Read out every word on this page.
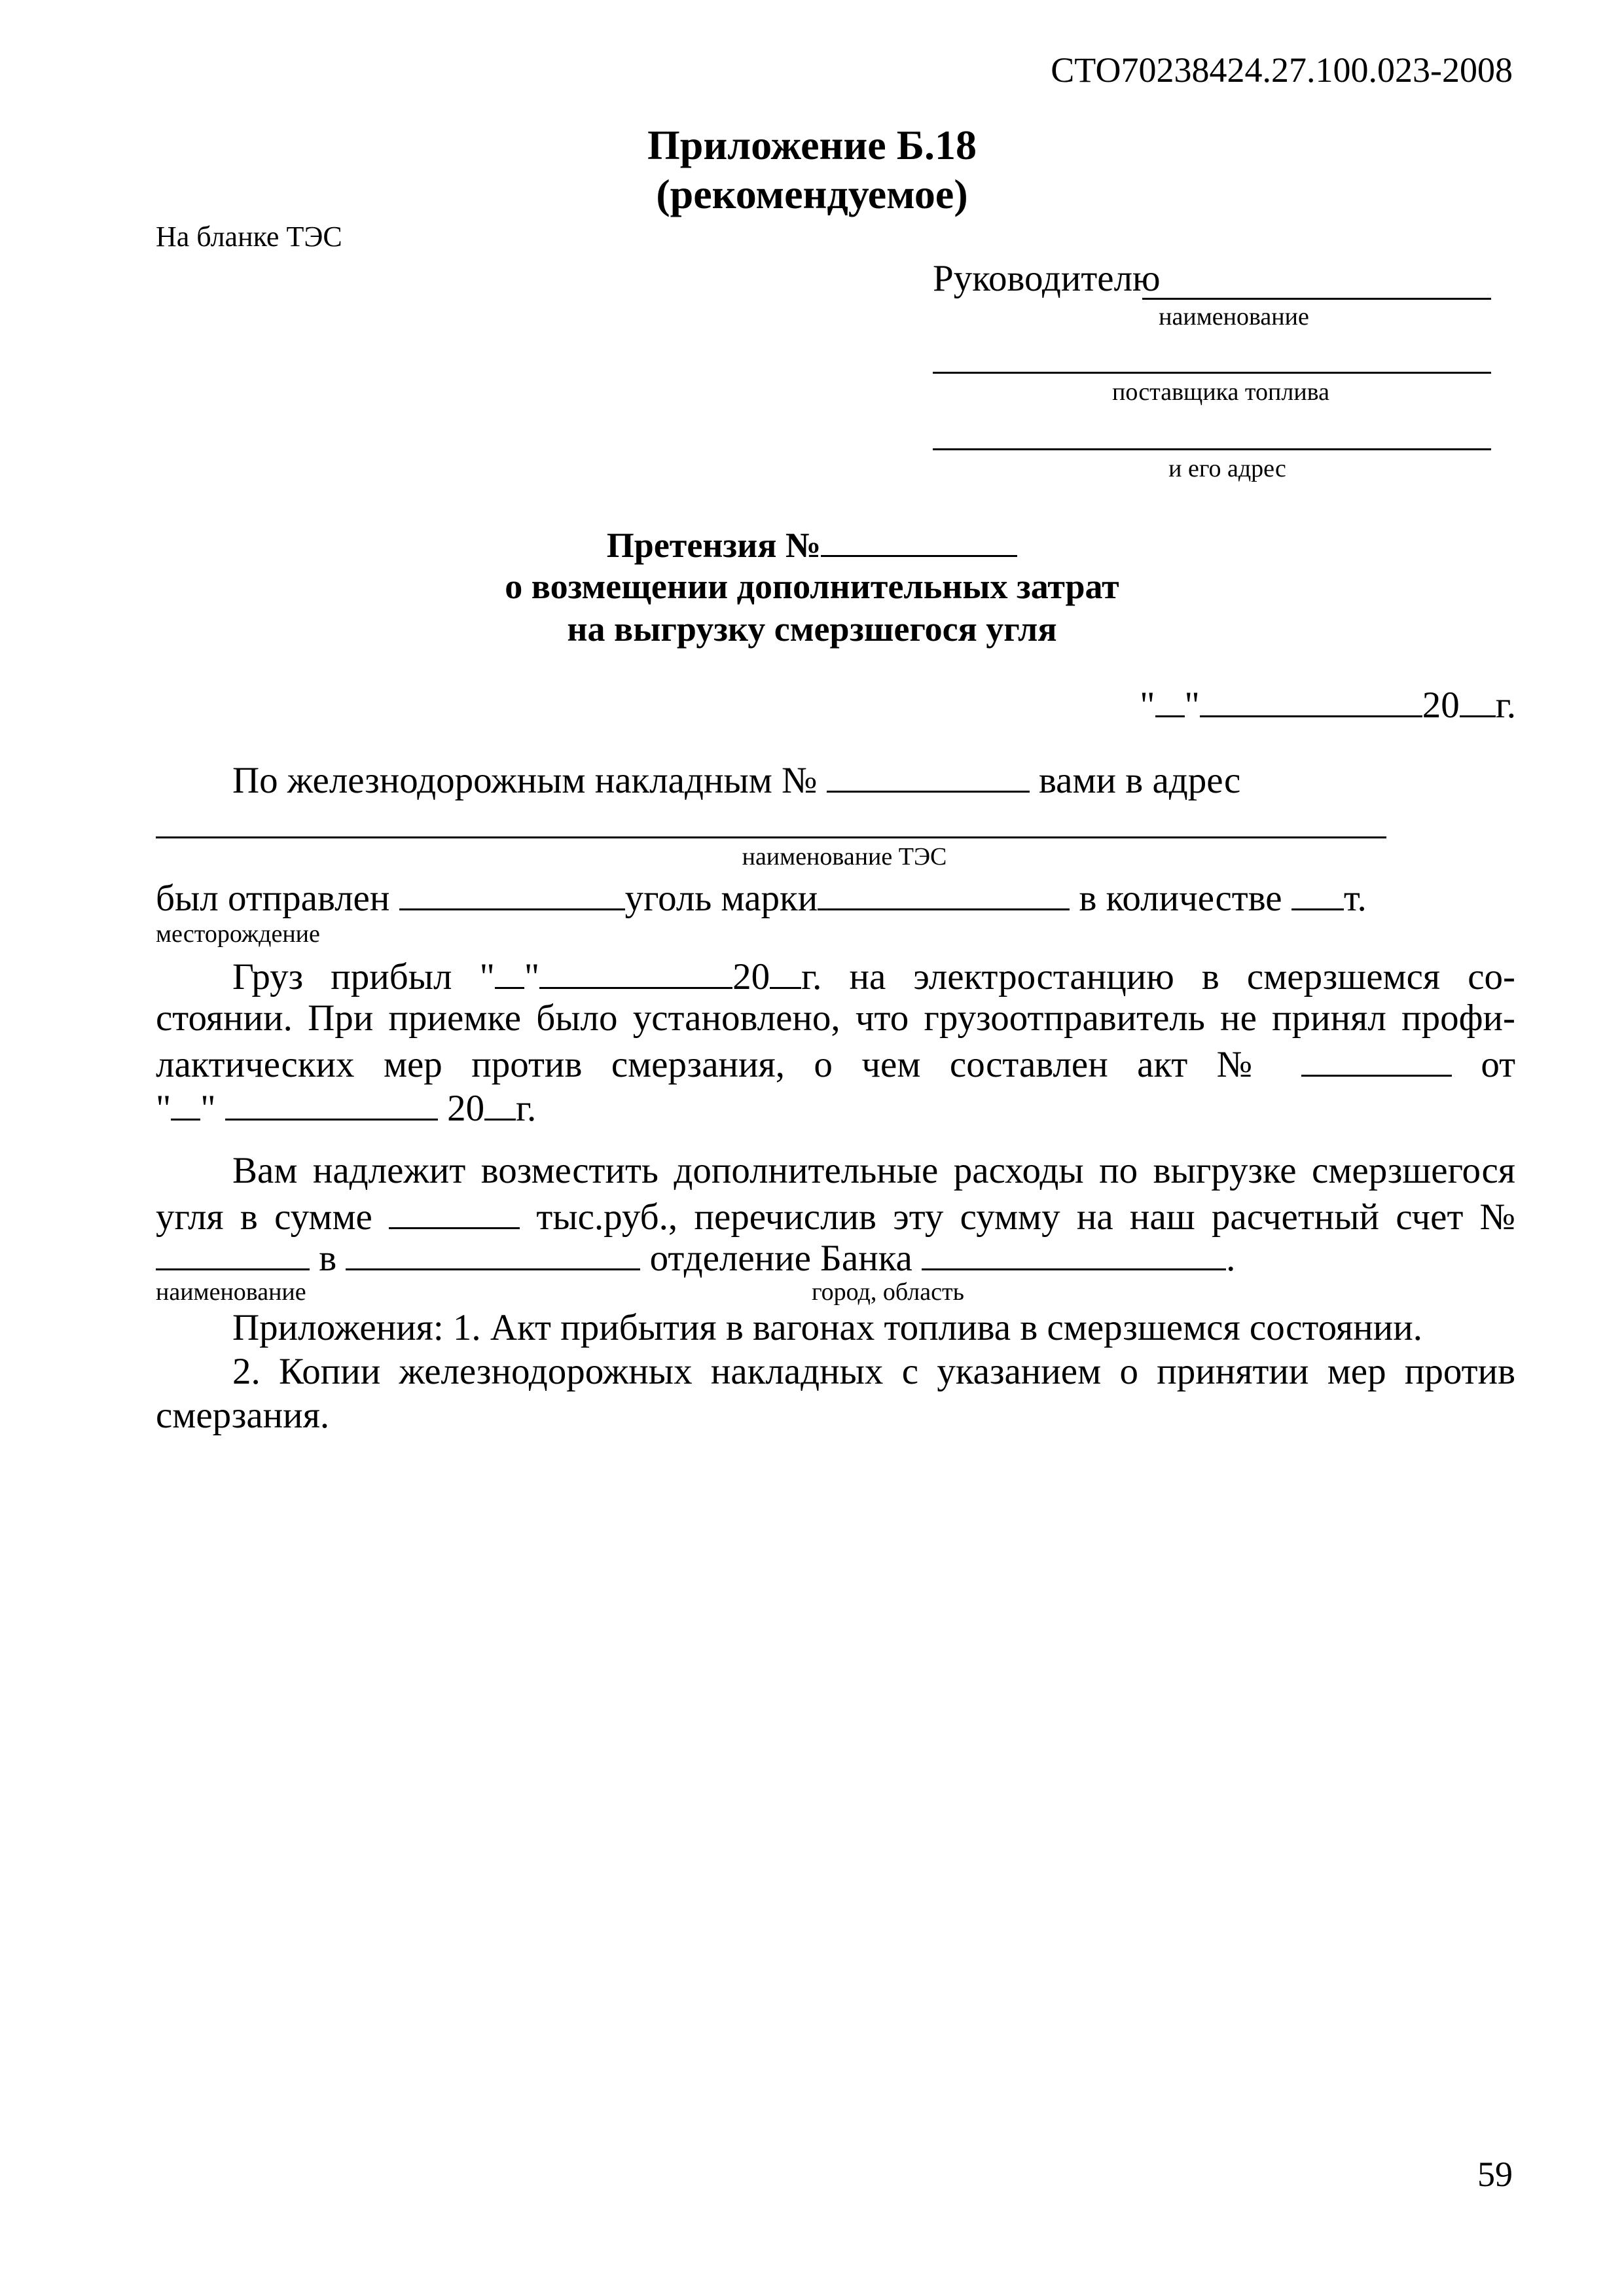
СТО70238424.27.100.023-2008
Приложение Б.18
(рекомендуемое)
На бланке ТЭС
Руководителю
наименование
поставщика топлива
и его адрес
Претензия №
о возмещении дополнительных затрат
на выгрузку смерзшегося угля
" "	20 г.
По железнодорожным накладным №	вами в адрес
наименование ТЭС
был отправлен	уголь марки	в количестве т.
месторождение
Груз прибыл " "	20 г. на электростанцию в смерзшемся со-
стоянии. При приемке было установлено, что грузоотправитель не принял профи-
лактических мер против смерзания, о чем составлен акт №	от
" "	20 г.
Вам надлежит возместить дополнительные расходы по выгрузке смерзшегося
угля в сумме	тыс.руб., перечислив эту сумму на наш расчетный счет №
в	отделение Банка	.
наименование	город, область
Приложения: 1. Акт прибытия в вагонах топлива в смерзшемся состоянии.
2. Копии железнодорожных накладных с указанием о принятии мер против
смерзания.
59
